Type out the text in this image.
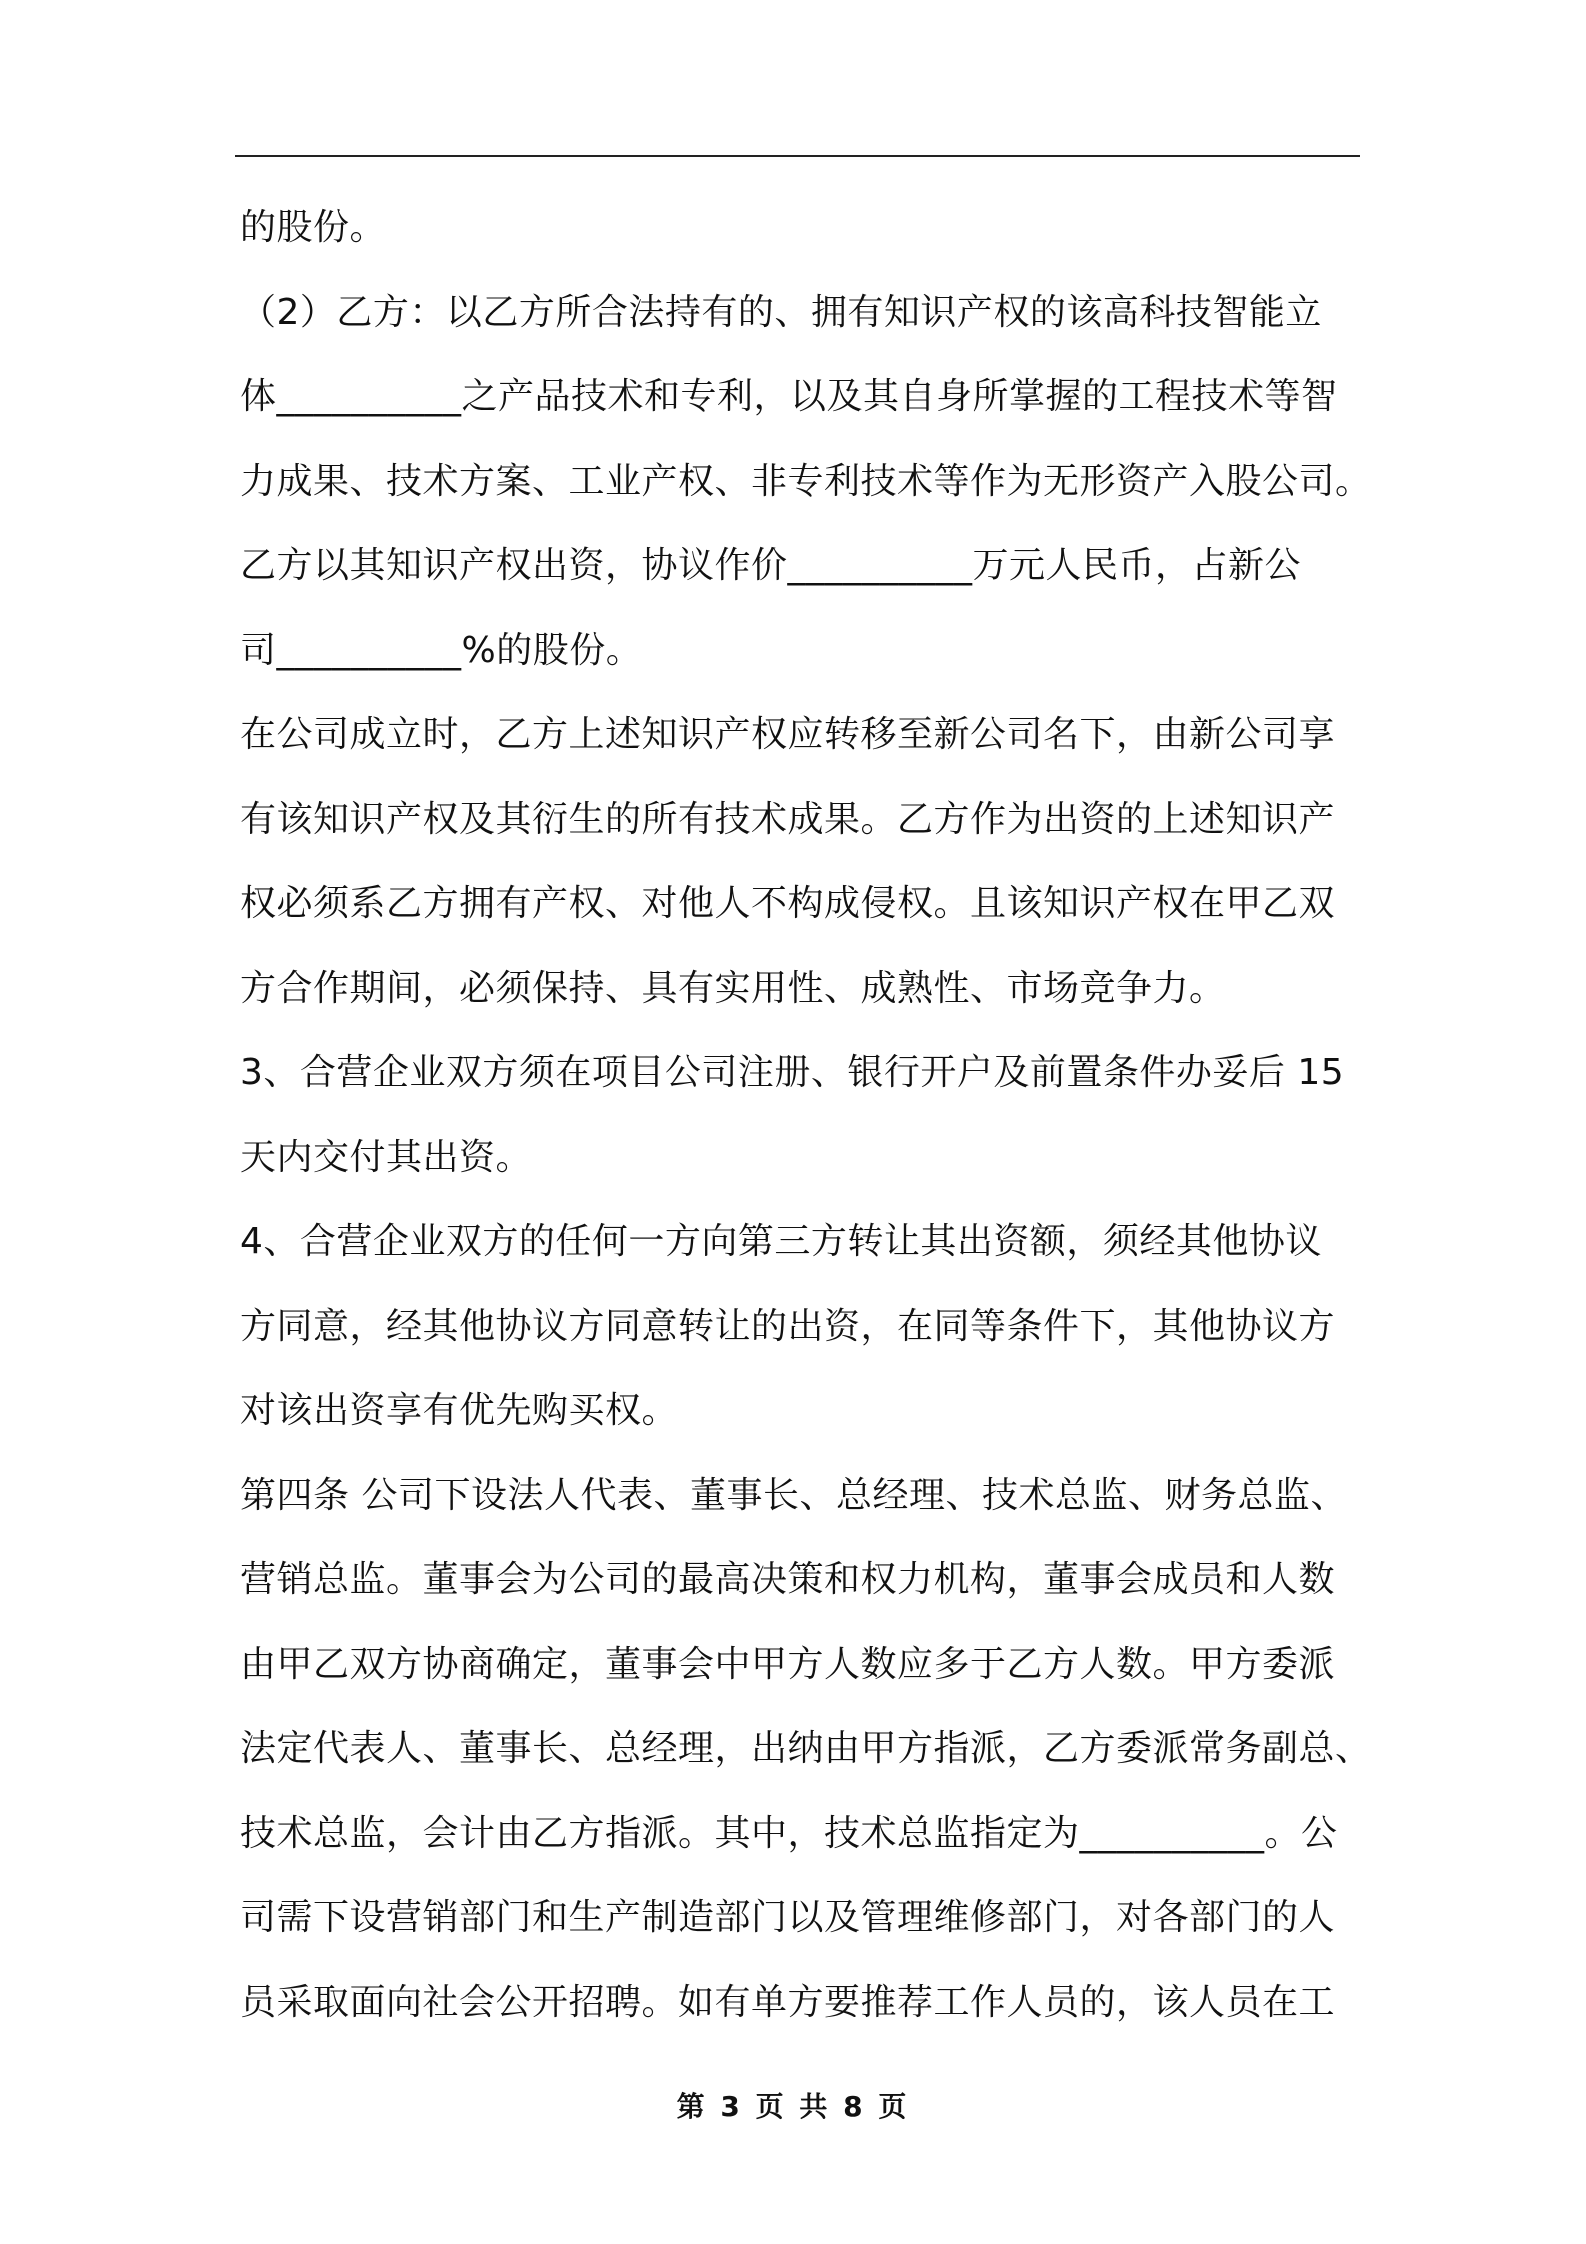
的股份。
（2）乙方：以乙方所合法持有的、拥有知识产权的该高科技智能立
体__________之产品技术和专利，以及其自身所掌握的工程技术等智
力成果、技术方案、工业产权、非专利技术等作为无形资产入股公司。
乙方以其知识产权出资，协议作价__________万元人民币，占新公
司__________%的股份。
在公司成立时，乙方上述知识产权应转移至新公司名下，由新公司享
有该知识产权及其衍生的所有技术成果。乙方作为出资的上述知识产
权必须系乙方拥有产权、对他人不构成侵权。且该知识产权在甲乙双
方合作期间，必须保持、具有实用性、成熟性、市场竞争力。
3、合营企业双方须在项目公司注册、银行开户及前置条件办妥后 15
天内交付其出资。
4、合营企业双方的任何一方向第三方转让其出资额，须经其他协议
方同意，经其他协议方同意转让的出资，在同等条件下，其他协议方
对该出资享有优先购买权。
第四条 公司下设法人代表、董事长、总经理、技术总监、财务总监、
营销总监。董事会为公司的最高决策和权力机构，董事会成员和人数
由甲乙双方协商确定，董事会中甲方人数应多于乙方人数。甲方委派
法定代表人、董事长、总经理，出纳由甲方指派，乙方委派常务副总、
技术总监，会计由乙方指派。其中，技术总监指定为__________。公
司需下设营销部门和生产制造部门以及管理维修部门，对各部门的人
员采取面向社会公开招聘。如有单方要推荐工作人员的，该人员在工
第 3 页 共 8 页
